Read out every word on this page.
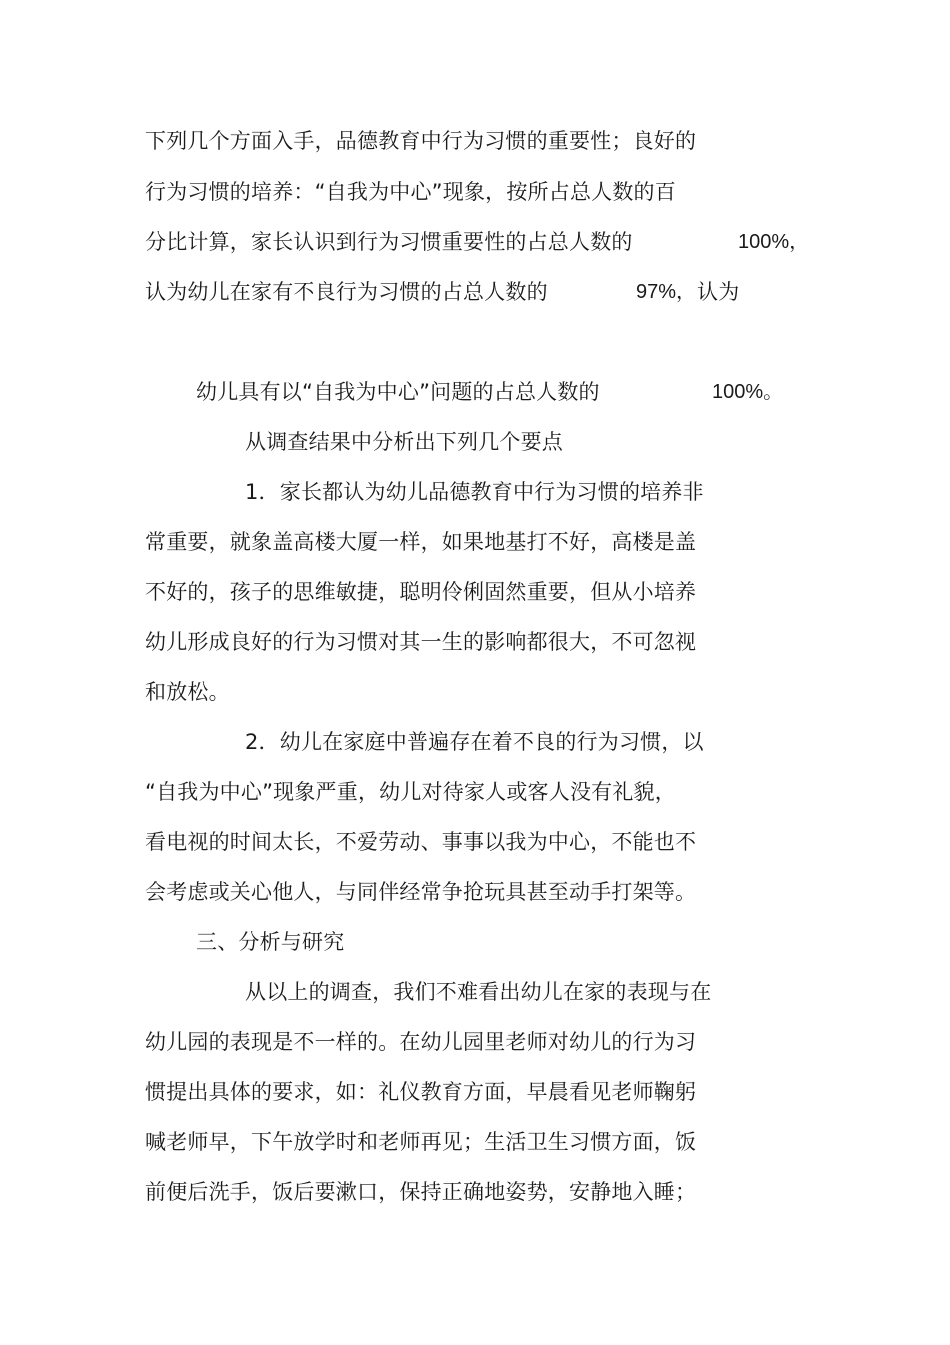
下列几个方面入手，品德教育中行为习惯的重要性；良好的
行为习惯的培养：“自我为中心”现象，按所占总人数的百
分比计算，家长认识到行为习惯重要性的占总人数的	100%，
认为幼儿在家有不良行为习惯的占总人数的	97%， 认为
幼儿具有以“自我为中心”问题的占总人数的	100%。
从调查结果中分析出下列几个要点
1．家长都认为幼儿品德教育中行为习惯的培养非
常重要，就象盖高楼大厦一样，如果地基打不好，高楼是盖
不好的，孩子的思维敏捷，聪明伶俐固然重要，但从小培养
幼儿形成良好的行为习惯对其一生的影响都很大，不可忽视
和放松。
2．幼儿在家庭中普遍存在着不良的行为习惯，以
“自我为中心”现象严重，幼儿对待家人或客人没有礼貌，
看电视的时间太长，不爱劳动、事事以我为中心，不能也不
会考虑或关心他人，与同伴经常争抢玩具甚至动手打架等。
三、分析与研究
从以上的调查，我们不难看出幼儿在家的表现与在
幼儿园的表现是不一样的。在幼儿园里老师对幼儿的行为习
惯提出具体的要求，如：礼仪教育方面，早晨看见老师鞠躬
喊老师早，下午放学时和老师再见；生活卫生习惯方面，饭
前便后洗手，饭后要漱口，保持正确地姿势，安静地入睡；
